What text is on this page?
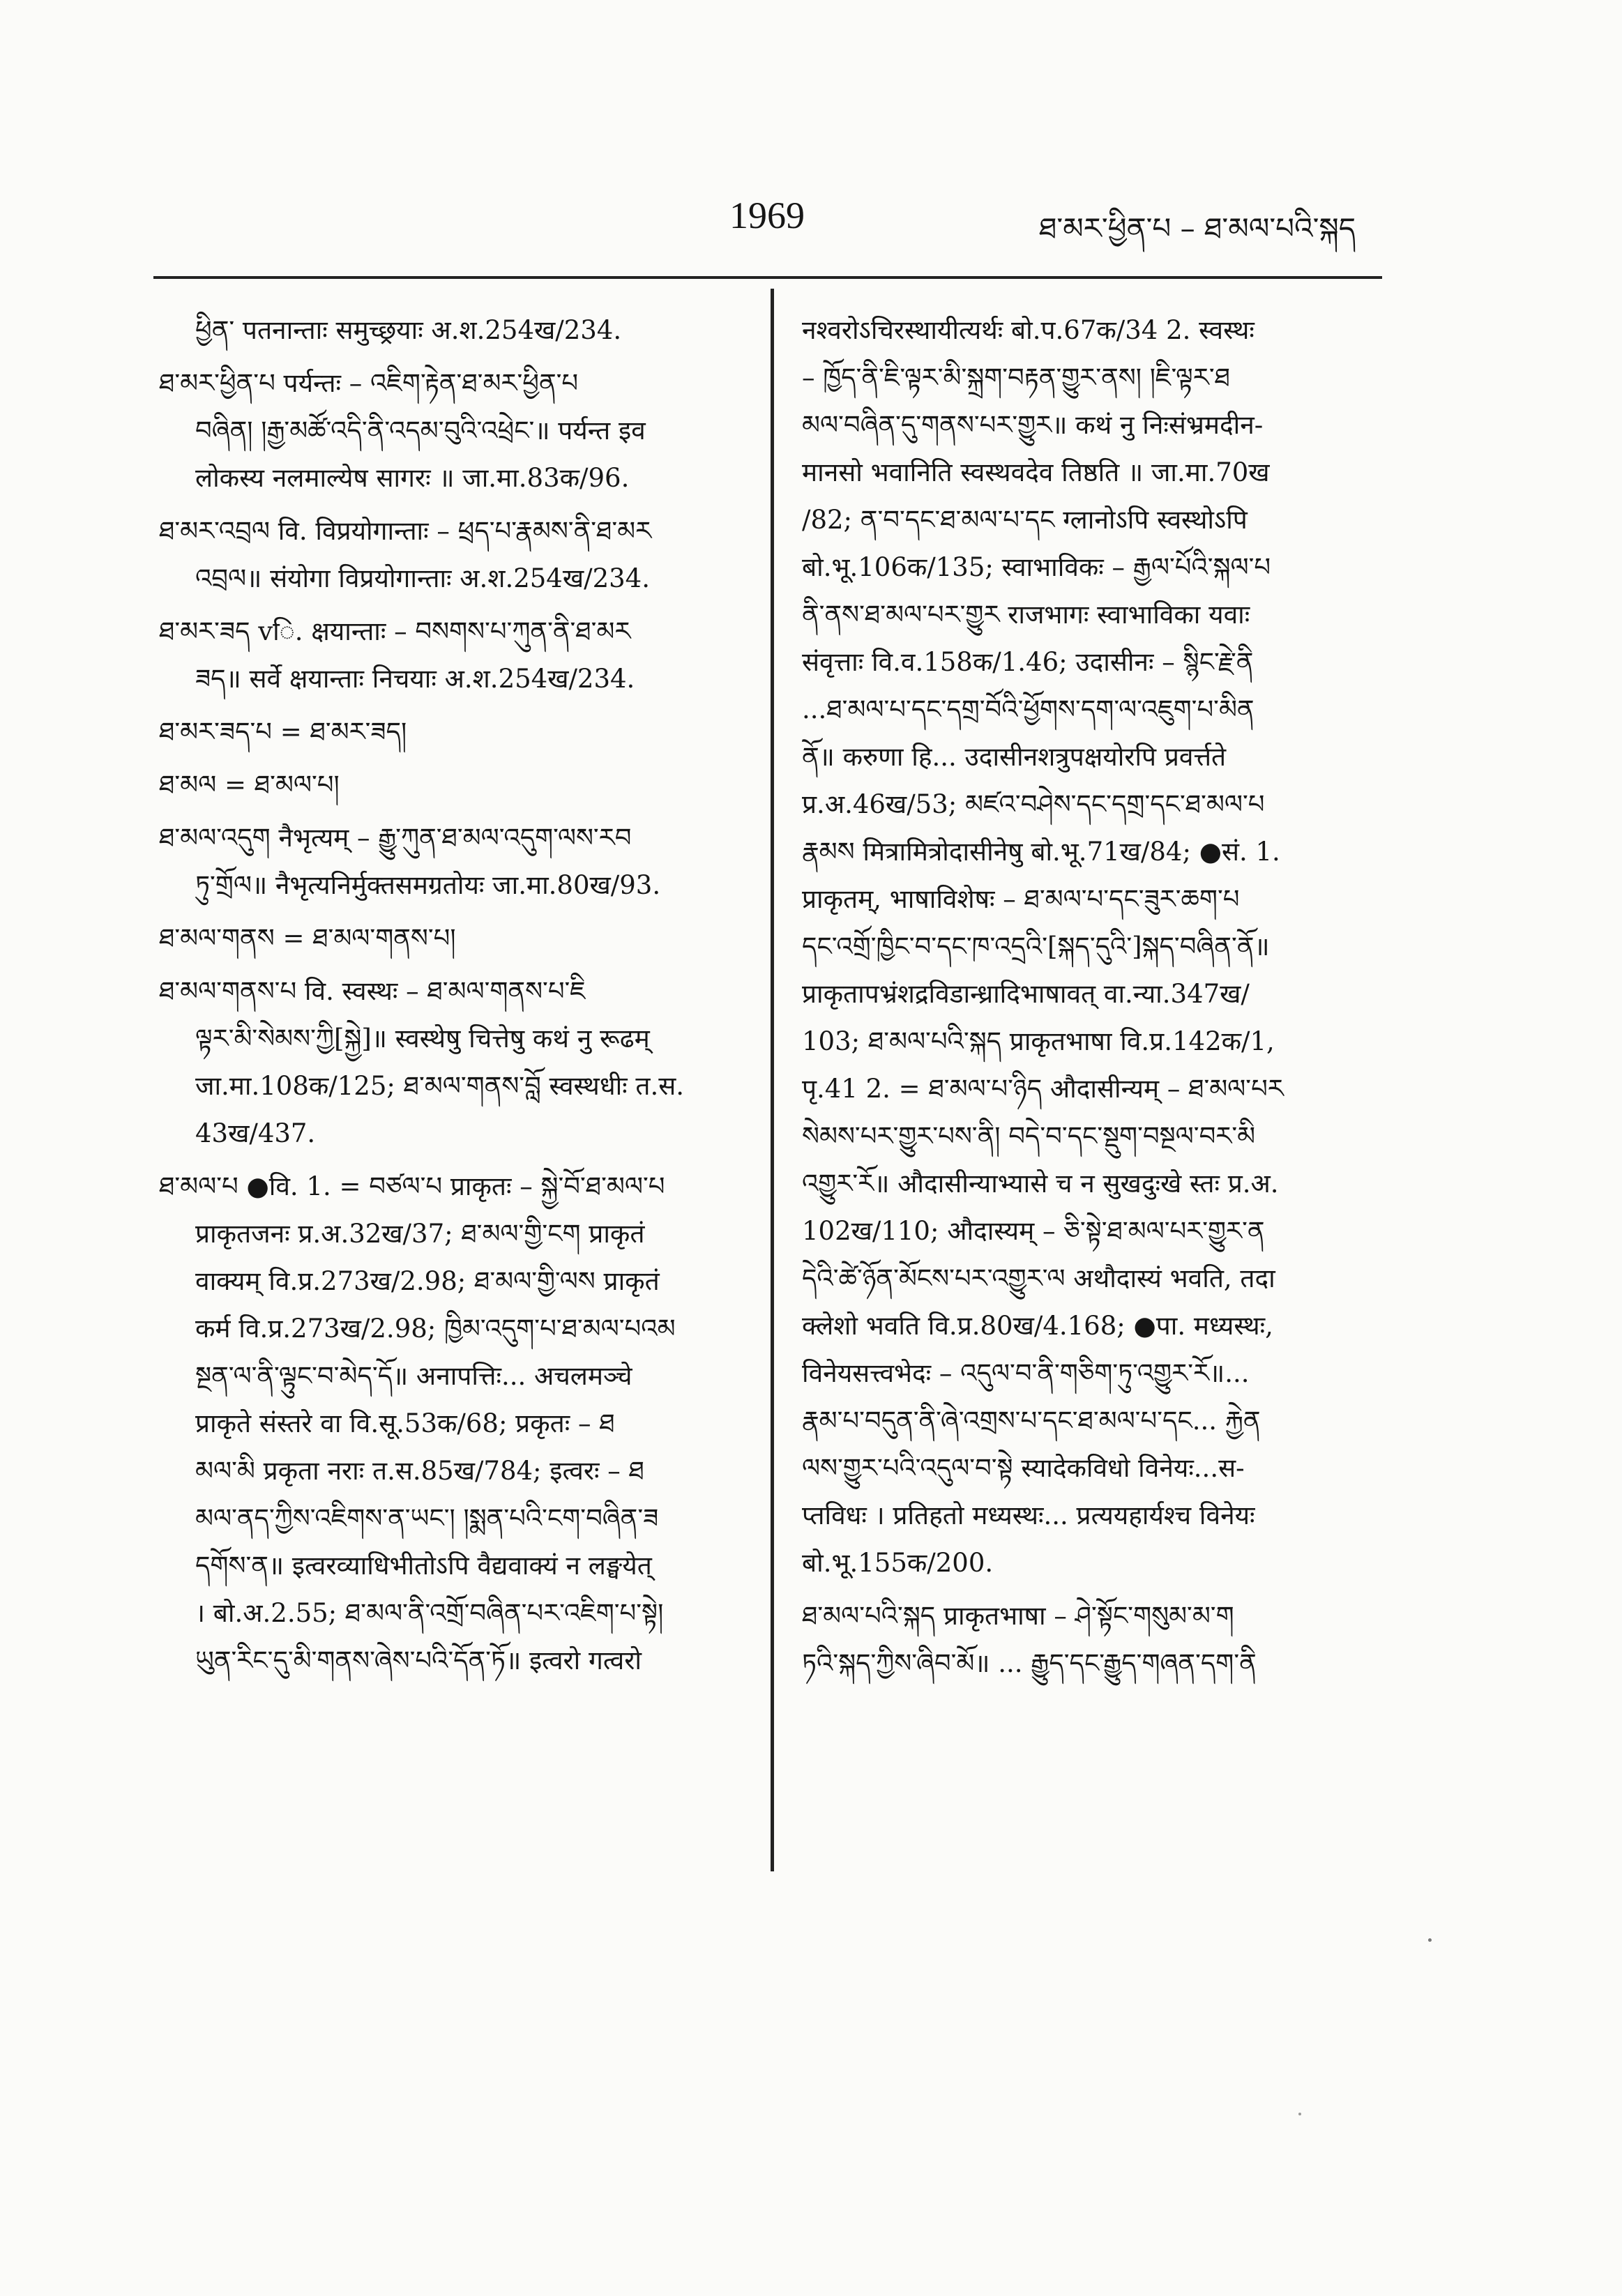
1969	ཐ་མར་ཕྱིན་པ – ཐ་མལ་པའི་སྐད
ཕྱིན་ पतनान्ताः समुच्छ्रयाः अ.श.254ख/234.
ཐ་མར་ཕྱིན་པ पर्यन्तः – འཇིག་རྟེན་ཐ་མར་ཕྱིན་པ
བཞིན། །རྒྱ་མཚོ་འདི་ནི་འདམ་བུའི་འཕྲེང་॥ पर्यन्त इव
लोकस्य नलमाल्येष सागरः ॥ जा.मा.83क/96.
ཐ་མར་འབྲལ वि. विप्रयोगान्ताः – ཕྲད་པ་རྣམས་ནི་ཐ་མར
འབྲལ॥ संयोगा विप्रयोगान्ताः अ.श.254ख/234.
ཐ་མར་ཟད vि. क्षयान्ताः – བསགས་པ་ཀུན་ནི་ཐ་མར
ཟད॥ सर्वे क्षयान्ताः निचयाः अ.श.254ख/234.
ཐ་མར་ཟད་པ = ཐ་མར་ཟད།
ཐ་མལ = ཐ་མལ་པ།
ཐ་མལ་འདུག नैभृत्यम् – རྒྱུ་ཀུན་ཐ་མལ་འདུག་ལས་རབ
ཏུ་གྲོལ॥ नैभृत्यनिर्मुक्तसमग्रतोयः जा.मा.80ख/93.
ཐ་མལ་གནས = ཐ་མལ་གནས་པ།
ཐ་མལ་གནས་པ वि. स्वस्थः – ཐ་མལ་གནས་པ་ཇི
ལྟར་མི་སེམས་ཀྱི[སྐྱེ]॥ स्वस्थेषु चित्तेषु कथं नु रूढम्
जा.मा.108क/125; ཐ་མལ་གནས་བློ स्वस्थधीः त.स.
43ख/437.
ཐ་མལ་པ ●वि. 1. = བཙལ་པ प्राकृतः – སྐྱེ་བོ་ཐ་མལ་པ
प्राकृतजनः प्र.अ.32ख/37; ཐ་མལ་གྱི་ངག प्राकृतं
वाक्यम् वि.प्र.273ख/2.98; ཐ་མལ་གྱི་ལས प्राकृतं
कर्म वि.प्र.273ख/2.98; ཁྱིམ་འདུག་པ་ཐ་མལ་པའམ
སྔན་ལ་ནི་ལྟུང་བ་མེད་དོ॥ अनापत्तिः... अचलमञ्चे
प्राकृते संस्तरे वा वि.सू.53क/68; प्रकृतः – ཐ
མལ་མི प्रकृता नराः त.स.85ख/784; इत्वरः – ཐ
མལ་ནད་ཀྱིས་འཇིགས་ན་ཡང་། །སྨན་པའི་ངག་བཞིན་ཟ
དགོས་ན॥ इत्वरव्याधिभीतोऽपि वैद्यवाक्यं न लङ्घयेत्
। बो.अ.2.55; ཐ་མལ་ནི་འགྲོ་བཞིན་པར་འཇིག་པ་སྟེ།
ཡུན་རིང་དུ་མི་གནས་ཞེས་པའི་དོན་ཏོ॥ इत्वरो गत्वरो
नश्वरोऽचिरस्थायीत्यर्थः बो.प.67क/34 2. स्वस्थः
– ཁྱོད་ནི་ཇི་ལྟར་མི་སྐྲག་བརྟན་གྱུར་ནས། །ཇི་ལྟར་ཐ
མལ་བཞིན་དུ་གནས་པར་གྱུར॥ कथं नु निःसंभ्रमदीन-
मानसो भवानिति स्वस्थवदेव तिष्ठति ॥ जा.मा.70ख
/82; ན་བ་དང་ཐ་མལ་པ་དང ग्लानोऽपि स्वस्थोऽपि
बो.भू.106क/135; स्वाभाविकः – རྒྱལ་པོའི་སྐལ་པ
ནི་ནས་ཐ་མལ་པར་གྱུར राजभागः स्वाभाविका यवाः
संवृत्ताः वि.व.158क/1.46; उदासीनः – སྙིང་རྗེ་ནི
...ཐ་མལ་པ་དང་དགྲ་བོའི་ཕྱོགས་དག་ལ་འཇུག་པ་མིན
ནོ॥ करुणा हि... उदासीनशत्रुपक्षयोरपि प्रवर्त्तते
प्र.अ.46ख/53; མཛའ་བཤེས་དང་དགྲ་དང་ཐ་མལ་པ
རྣམས मित्रामित्रोदासीनेषु बो.भू.71ख/84; ●सं. 1.
प्राकृतम्, भाषाविशेषः – ཐ་མལ་པ་དང་ཟུར་ཆག་པ
དང་འགྲོ་ཁྱིང་བ་དང་ཁ་འདྲའི་[སྐད་དུའི་]སྐད་བཞིན་ནོ॥
प्राकृतापभ्रंशद्रविडान्ध्रादिभाषावत् वा.न्या.347ख/
103; ཐ་མལ་པའི་སྐད प्राकृतभाषा वि.प्र.142क/1,
पृ.41 2. = ཐ་མལ་པ་ཉིད औदासीन्यम् – ཐ་མལ་པར
སེམས་པར་གྱུར་པས་ནི། བདེ་བ་དང་སྡུག་བསྔལ་བར་མི
འགྱུར་རོ॥ औदासीन्याभ्यासे च न सुखदुःखे स्तः प्र.अ.
102ख/110; औदास्यम् – ཅི་སྟེ་ཐ་མལ་པར་གྱུར་ན
དེའི་ཚེ་ཉོན་མོངས་པར་འགྱུར་ལ अथौदास्यं भवति, तदा
क्लेशो भवति वि.प्र.80ख/4.168; ●पा. मध्यस्थः,
विनेयसत्त्वभेदः – འདུལ་བ་ནི་གཅིག་ཏུ་འགྱུར་རོ॥...
རྣམ་པ་བདུན་ནི་ཞེ་འགྲས་པ་དང་ཐ་མལ་པ་དང... རྐྱེན
ལས་གྱུར་པའི་འདུལ་བ་སྟེ स्यादेकविधो विनेयः...स-
प्तविधः । प्रतिहतो मध्यस्थः... प्रत्ययहार्यश्च विनेयः
बो.भू.155क/200.
ཐ་མལ་པའི་སྐད प्राकृतभाषा – ཤེ་སྟོང་གསུམ་མ་ག
ཏའི་སྐད་ཀྱིས་ཞིབ་མོ॥ ... རྒྱུད་དང་རྒྱུད་གཞན་དག་ནི
